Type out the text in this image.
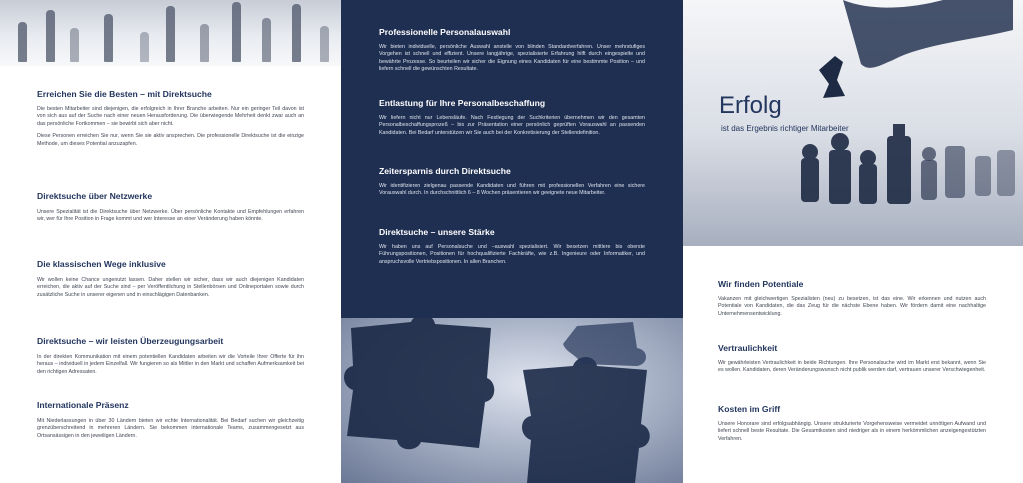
Erreichen Sie die Besten – mit Direktsuche

Die besten Mitarbeiter sind diejenigen, die erfolgreich in Ihrer Branche arbeiten. Nur ein geringer Teil davon ist von sich aus auf der Suche nach einer neuen Herausforderung. Die überwiegende Mehrheit denkt zwar auch an das persönliche Fortkommen – sie bewirbt sich aber nicht.

Diese Personen erreichen Sie nur, wenn Sie sie aktiv ansprechen. Die professionelle Direktsuche ist die einzige Methode, um dieses Potential anzuzapfen.

Direktsuche über Netzwerke

Unsere Spezialität ist die Direktsuche über Netzwerke. Über persönliche Kontakte und Empfehlungen erfahren wir, wer für Ihre Position in Frage kommt und wer Interesse an einer Veränderung haben könnte.

Die klassischen Wege inklusive

Wir wollen keine Chance ungenutzt lassen. Daher stellen wir sicher, dass wir auch diejenigen Kandidaten erreichen, die aktiv auf der Suche sind – per Veröffentlichung in Stellenbörsen und Onlineportalen sowie durch zusätzliche Suche in unserer eigenen und in einschlägigen Datenbanken.

Direktsuche – wir leisten Überzeugungsarbeit

In der direkten Kommunikation mit einem potentiellen Kandidaten arbeiten wir die Vorteile Ihrer Offerte für ihn heraus – individuell in jedem Einzelfall. Wir fungieren so als Mittler in den Markt und schaffen Aufmerksamkeit bei den richtigen Adressaten.

Internationale Präsenz

Mit Niederlassungen in über 30 Ländern bieten wir echte Internationalität. Bei Bedarf suchen wir gleichzeitig grenzüberschreitend in mehreren Ländern. Sie bekommen internationale Teams, zusammengesetzt aus Ortsansässigen in den jeweiligen Ländern.

Professionelle Personalauswahl

Wir bieten individuelle, persönliche Auswahl anstelle von blinden Standardverfahren. Unser mehrstufiges Vorgehen ist schnell und effizient. Unsere langjährige, spezialisierte Erfahrung hilft durch eingespielte und bewährte Prozesse. So beurteilen wir sicher die Eignung eines Kandidaten für eine bestimmte Position – und liefern schnell die gewünschten Resultate.

Entlastung für Ihre Personalbeschaffung

Wir liefern nicht nur Lebensläufe. Nach Festlegung der Suchkriterien übernehmen wir den gesamten Personalbeschaffungsprozeß – bis zur Präsentation einer persönlich geprüften Vorauswahl an passenden Kandidaten. Bei Bedarf unterstützen wir Sie auch bei der Konkretisierung der Stellendefinition.

Zeitersparnis durch Direktsuche

Wir identifizieren zielgenau passende Kandidaten und führen mit professionellen Verfahren eine sichere Vorauswahl durch. In durchschnittlich 6 – 8 Wochen präsentieren wir geeignete neue Mitarbeiter.

Direktsuche – unsere Stärke

Wir haben uns auf Personalsuche und –auswahl spezialisiert. Wir besetzen mittlere bis oberste Führungspositionen, Positionen für hochqualifizierte Fachkräfte, wie z.B. Ingenieure oder Informatiker, und anspruchsvolle Vertriebspositionen. In allen Branchen.

Erfolg
ist das Ergebnis richtiger Mitarbeiter
Wir finden Potentiale

Vakanzen mit gleichwertigen Spezialisten (neu) zu besetzen, ist das eine. Wir erkennen und nutzen auch Potentiale von Kandidaten, die das Zeug für die nächste Ebene haben. Wir fördern damit eine nachhaltige Unternehmensentwicklung.

Vertraulichkeit

Wir gewährleisten Vertraulichkeit in beide Richtungen. Ihre Personalsuche wird im Markt erst bekannt, wenn Sie es wollen. Kandidaten, deren Veränderungswunsch nicht publik werden darf, vertrauen unserer Verschwiegenheit.

Kosten im Griff

Unsere Honorare sind erfolgsabhängig. Unsere strukturierte Vorgehensweise vermeidet unnötigen Aufwand und liefert schnell beste Resultate. Die Gesamtkosten sind niedriger als in einem herkömmlichen anzeigengestützten Verfahren.
